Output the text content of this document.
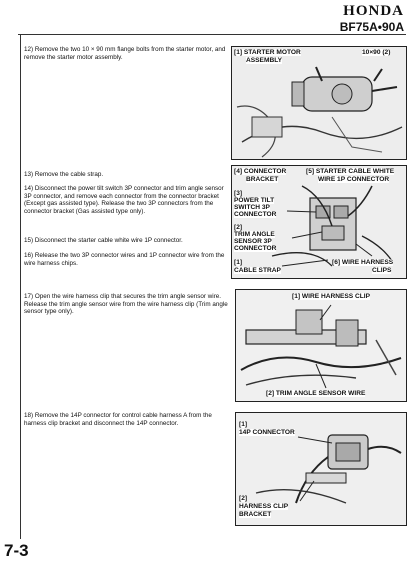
HONDA
BF75A•90A
12) Remove the two 10 × 90 mm flange bolts from the starter motor, and remove the starter motor assembly.
13) Remove the cable strap.
14) Disconnect the power tilt switch 3P connector and trim angle sensor 3P connector, and remove each connector from the connector bracket (Except gas assisted type). Release the two 3P connectors from the connector bracket (Gas assisted type only).
15) Disconnect the starter cable white wire 1P connector.
16) Release the two 3P connector wires and 1P connector wire from the wire harness chips.
17) Open the wire harness clip that secures the trim angle sensor wire. Release the trim angle sensor wire from the wire harness clip (Trim angle sensor type only).
18) Remove the 14P connector for control cable harness A from the harness clip bracket and disconnect the 14P connector.
[1] STARTER MOTOR
ASSEMBLY
10×90 (2)
[4] CONNECTOR
BRACKET
[5] STARTER CABLE WHITE
WIRE 1P CONNECTOR
[3]
POWER TILT
SWITCH 3P
CONNECTOR
[2]
TRIM ANGLE
SENSOR 3P
CONNECTOR
[1]
CABLE STRAP
[6] WIRE HARNESS
CLIPS
[1] WIRE HARNESS CLIP
[2] TRIM ANGLE SENSOR WIRE
[1]
14P CONNECTOR
[2]
HARNESS CLIP
BRACKET
7-3
